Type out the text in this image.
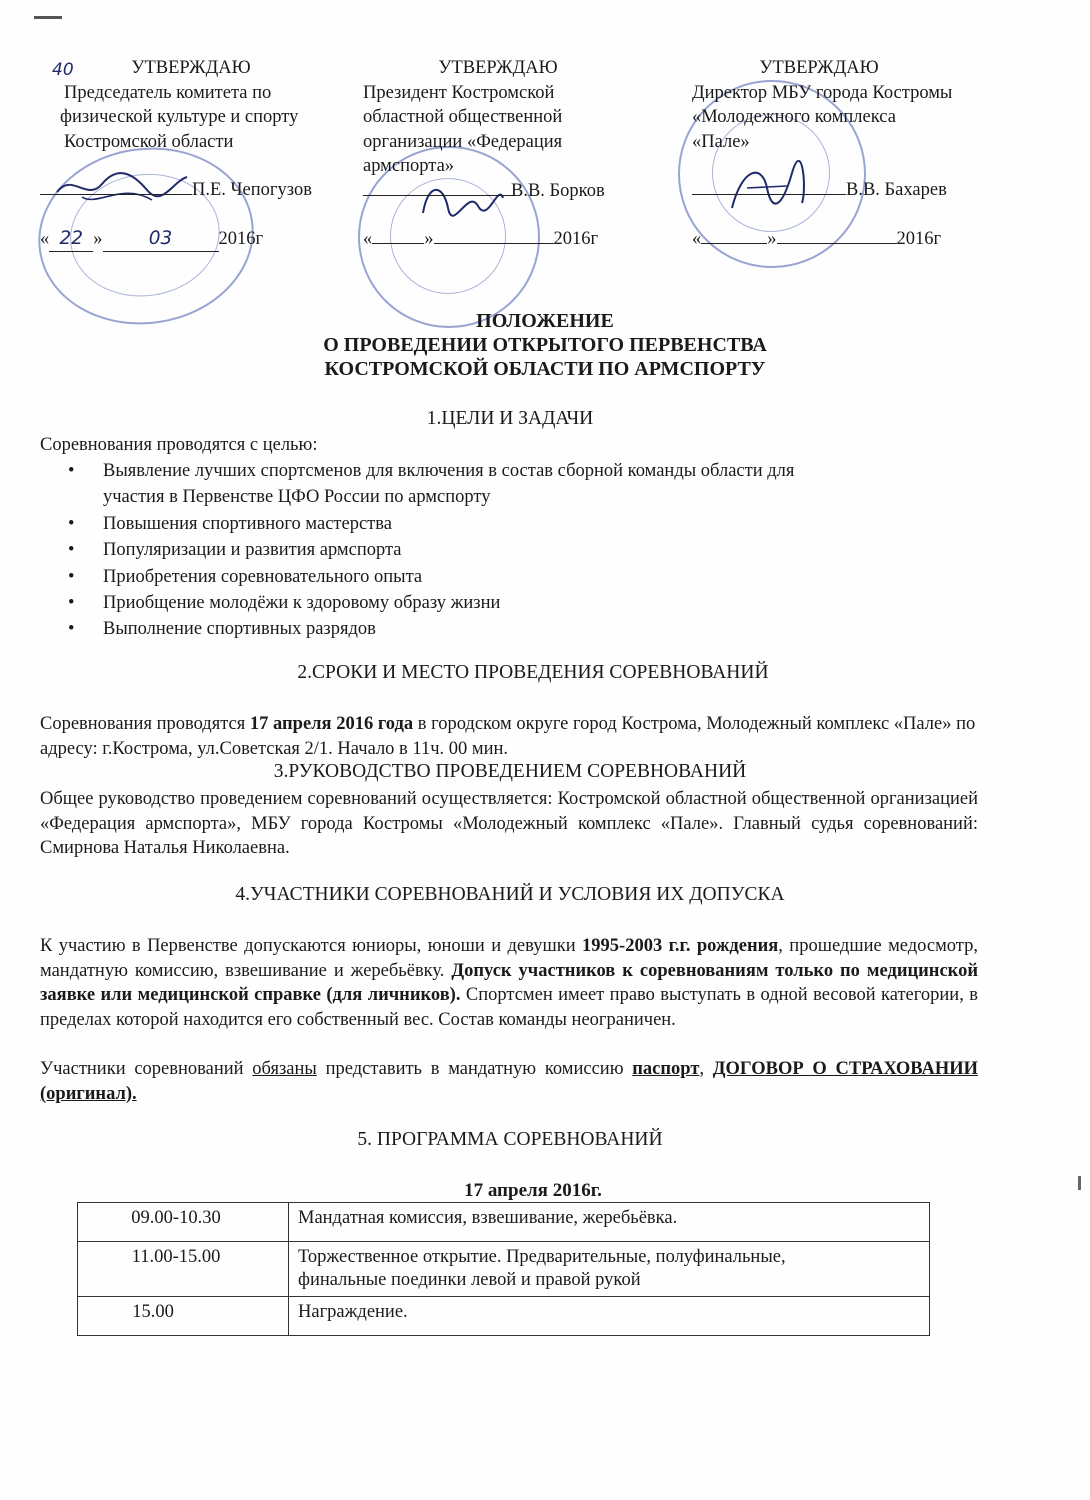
40	УТВЕРЖДАЮ
Председатель комитета по
физической культуре и спорту
Костромской области
П.Е. Чепогузов
« 22 » 03 2016г
УТВЕРЖДАЮ
Президент Костромской
областной общественной
организации «Федерация
армспорта»
В.В. Борков
«	»	2016г
УТВЕРЖДАЮ
Директор МБУ города Костромы
«Молодежного комплекса
«Пале»
В.В. Бахарев
«	»	2016г
ПОЛОЖЕНИЕ
О ПРОВЕДЕНИИ ОТКРЫТОГО ПЕРВЕНСТВА
КОСТРОМСКОЙ ОБЛАСТИ ПО АРМСПОРТУ
1.ЦЕЛИ И ЗАДАЧИ
Соревнования проводятся с целью:
• Выявление лучших спортсменов для включения в состав сборной команды области для
участия в Первенстве ЦФО России по армспорту
• Повышения спортивного мастерства
• Популяризации и развития армспорта
• Приобретения соревновательного опыта
• Приобщение молодёжи к здоровому образу жизни
• Выполнение спортивных разрядов
2.СРОКИ И МЕСТО ПРОВЕДЕНИЯ СОРЕВНОВАНИЙ
Соревнования проводятся 17 апреля 2016 года в городском округе город Кострома, Молодежный комплекс «Пале» по адресу: г.Кострома, ул.Советская 2/1. Начало в 11ч. 00 мин.
3.РУКОВОДСТВО ПРОВЕДЕНИЕМ СОРЕВНОВАНИЙ
Общее руководство проведением соревнований осуществляется: Костромской областной общественной организацией «Федерация армспорта», МБУ города Костромы «Молодежный комплекс «Пале». Главный судья соревнований: Смирнова Наталья Николаевна.
4.УЧАСТНИКИ СОРЕВНОВАНИЙ И УСЛОВИЯ ИХ ДОПУСКА
К участию в Первенстве допускаются юниоры, юноши и девушки 1995-2003 г.г. рождения, прошедшие медосмотр, мандатную комиссию, взвешивание и жеребьёвку. Допуск участников к соревнованиям только по медицинской заявке или медицинской справке (для личников). Спортсмен имеет право выступать в одной весовой категории, в пределах которой находится его собственный вес. Состав команды неограничен.
Участники соревнований обязаны представить в мандатную комиссию паспорт, ДОГОВОР О СТРАХОВАНИИ (оригинал).
5. ПРОГРАММА СОРЕВНОВАНИЙ
17 апреля 2016г.
09.00-10.30	Мандатная комиссия, взвешивание, жеребьёвка.
11.00-15.00	Торжественное открытие. Предварительные, полуфинальные, финальные поединки левой и правой рукой
15.00	Награждение.
